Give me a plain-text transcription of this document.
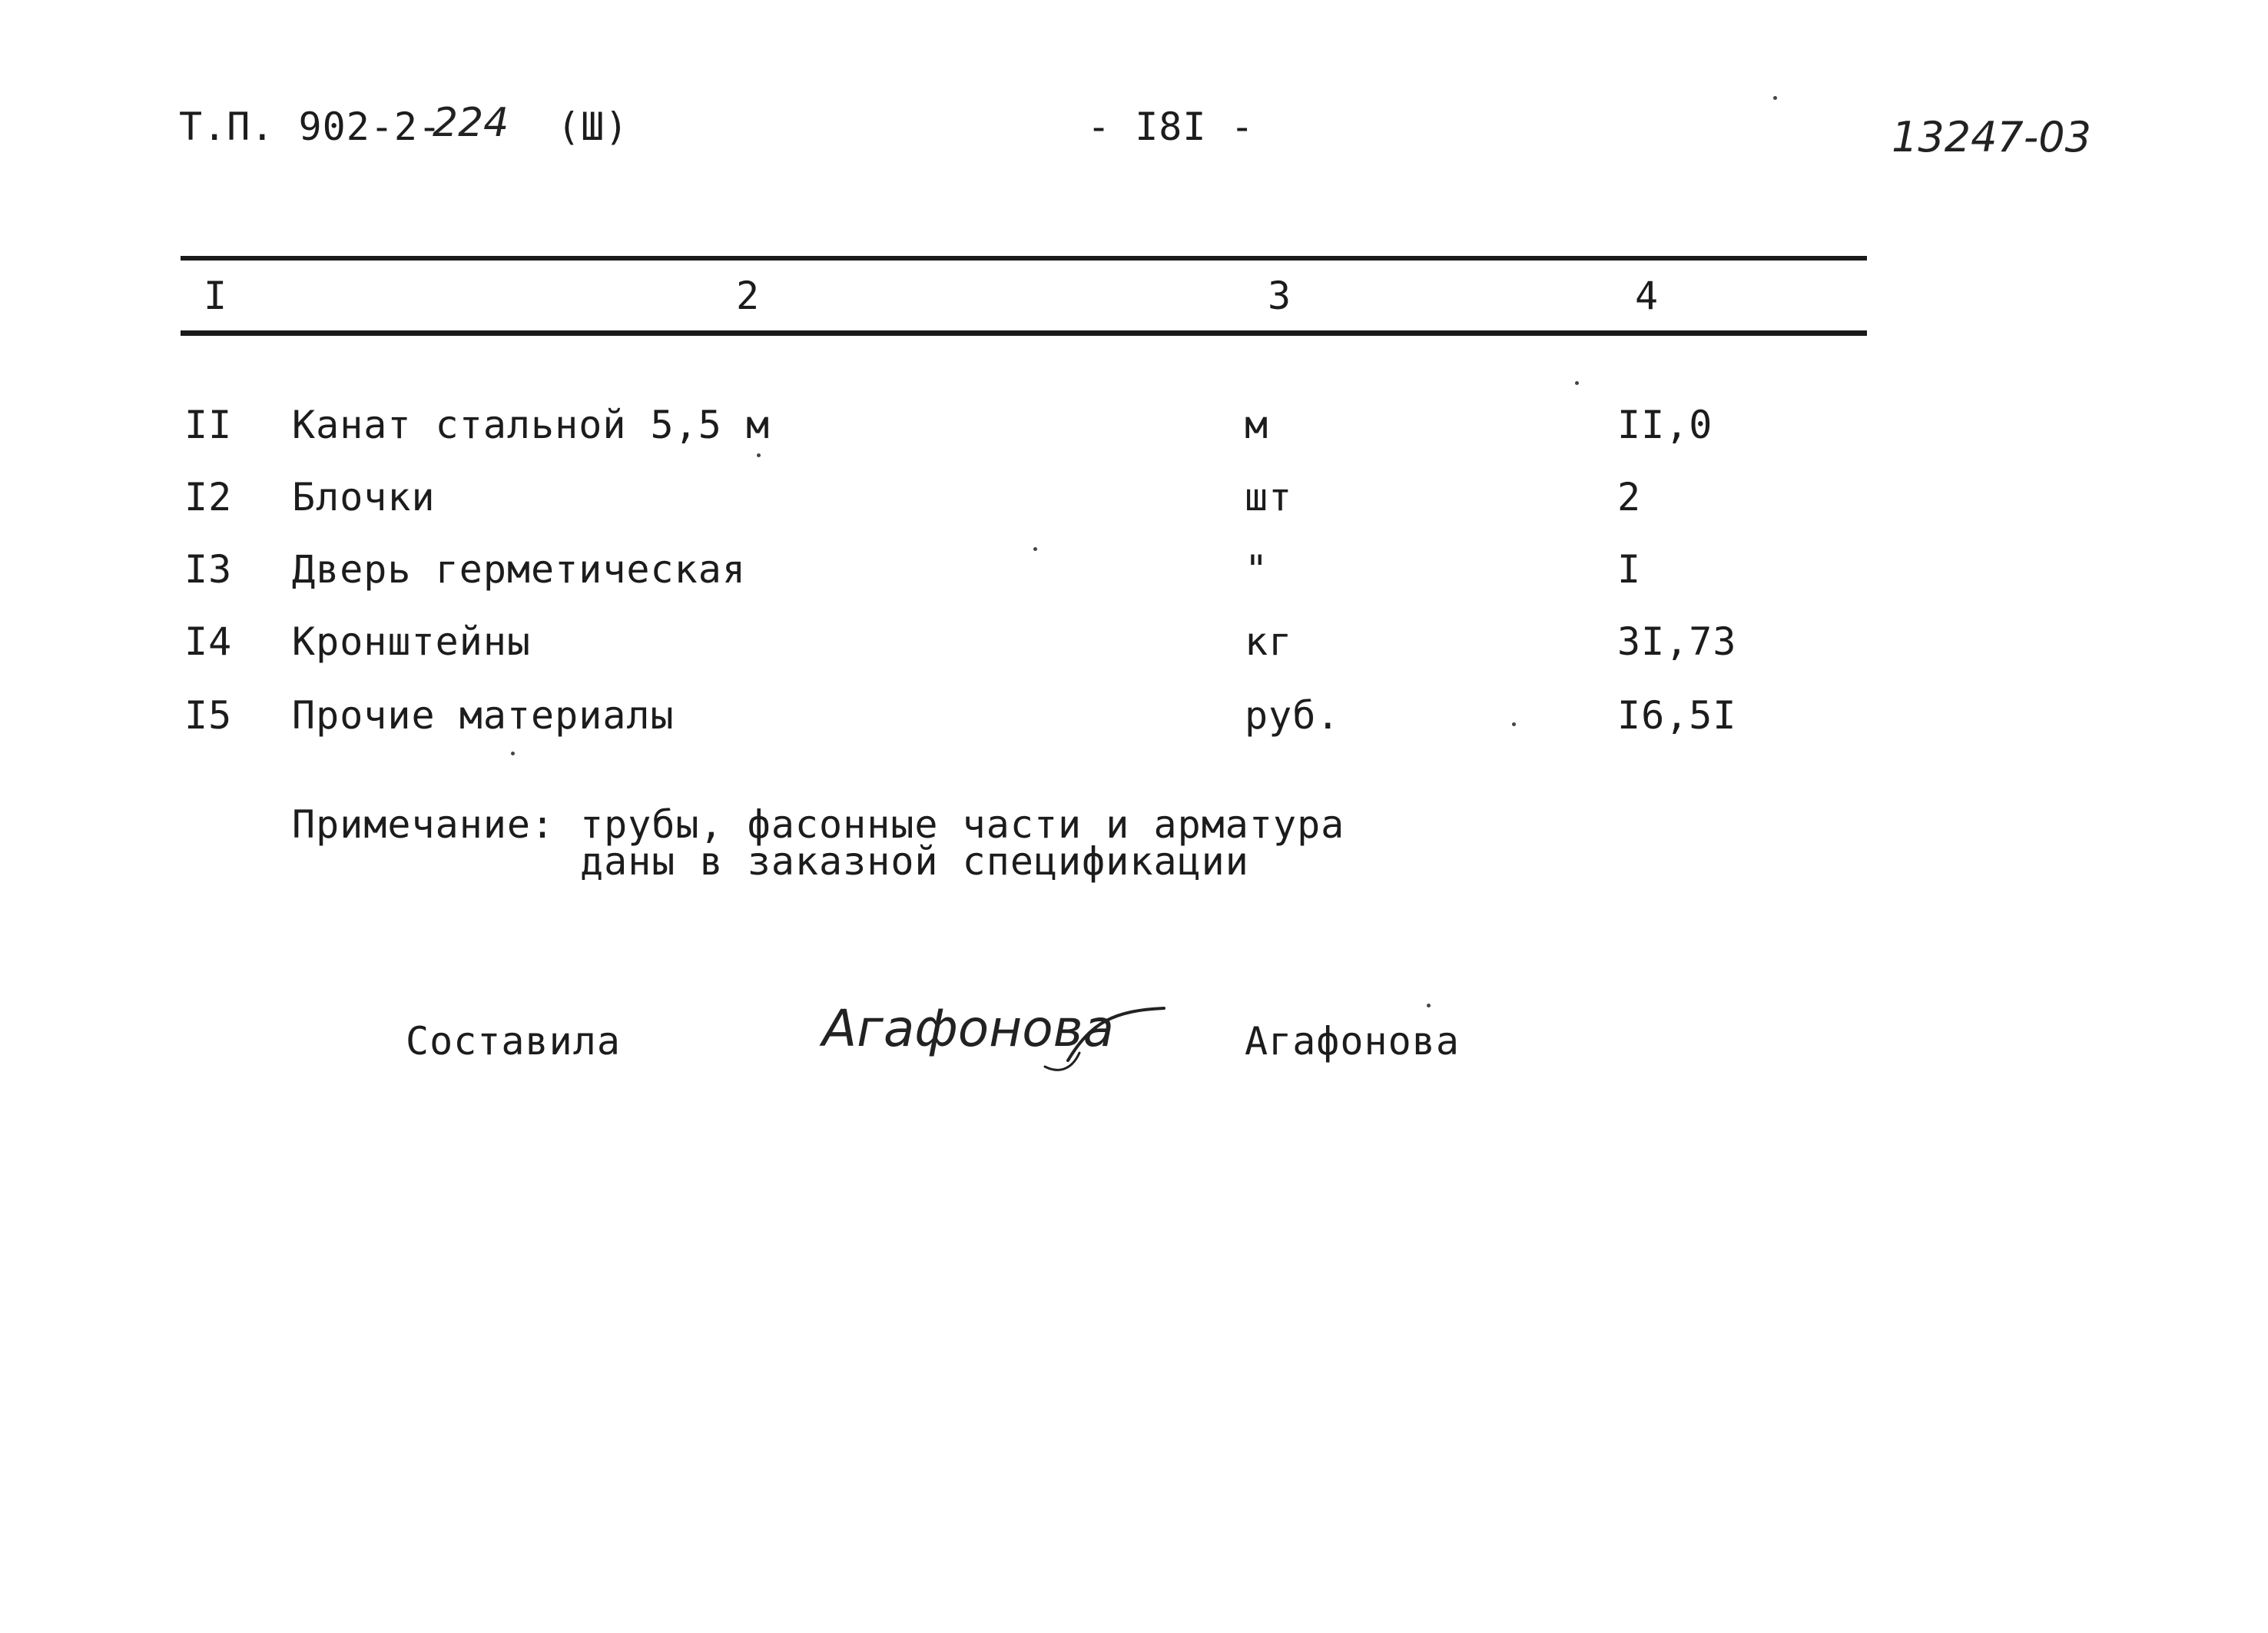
Т.П. 902-2-
224 (Ш)	- I8I -	13247-03
I	2	3	4
II Канат стальной 5,5 м	м	II,0
I2 Блочки	шт	2
I3 Дверь герметическая	"	I
I4 Кронштейны	кг	3I,73
I5 Прочие материалы	руб.	I6,5I
Примечание: трубы, фасонные части и арматура
даны в заказной спецификации
Составила	Агафонова	Агафонова
